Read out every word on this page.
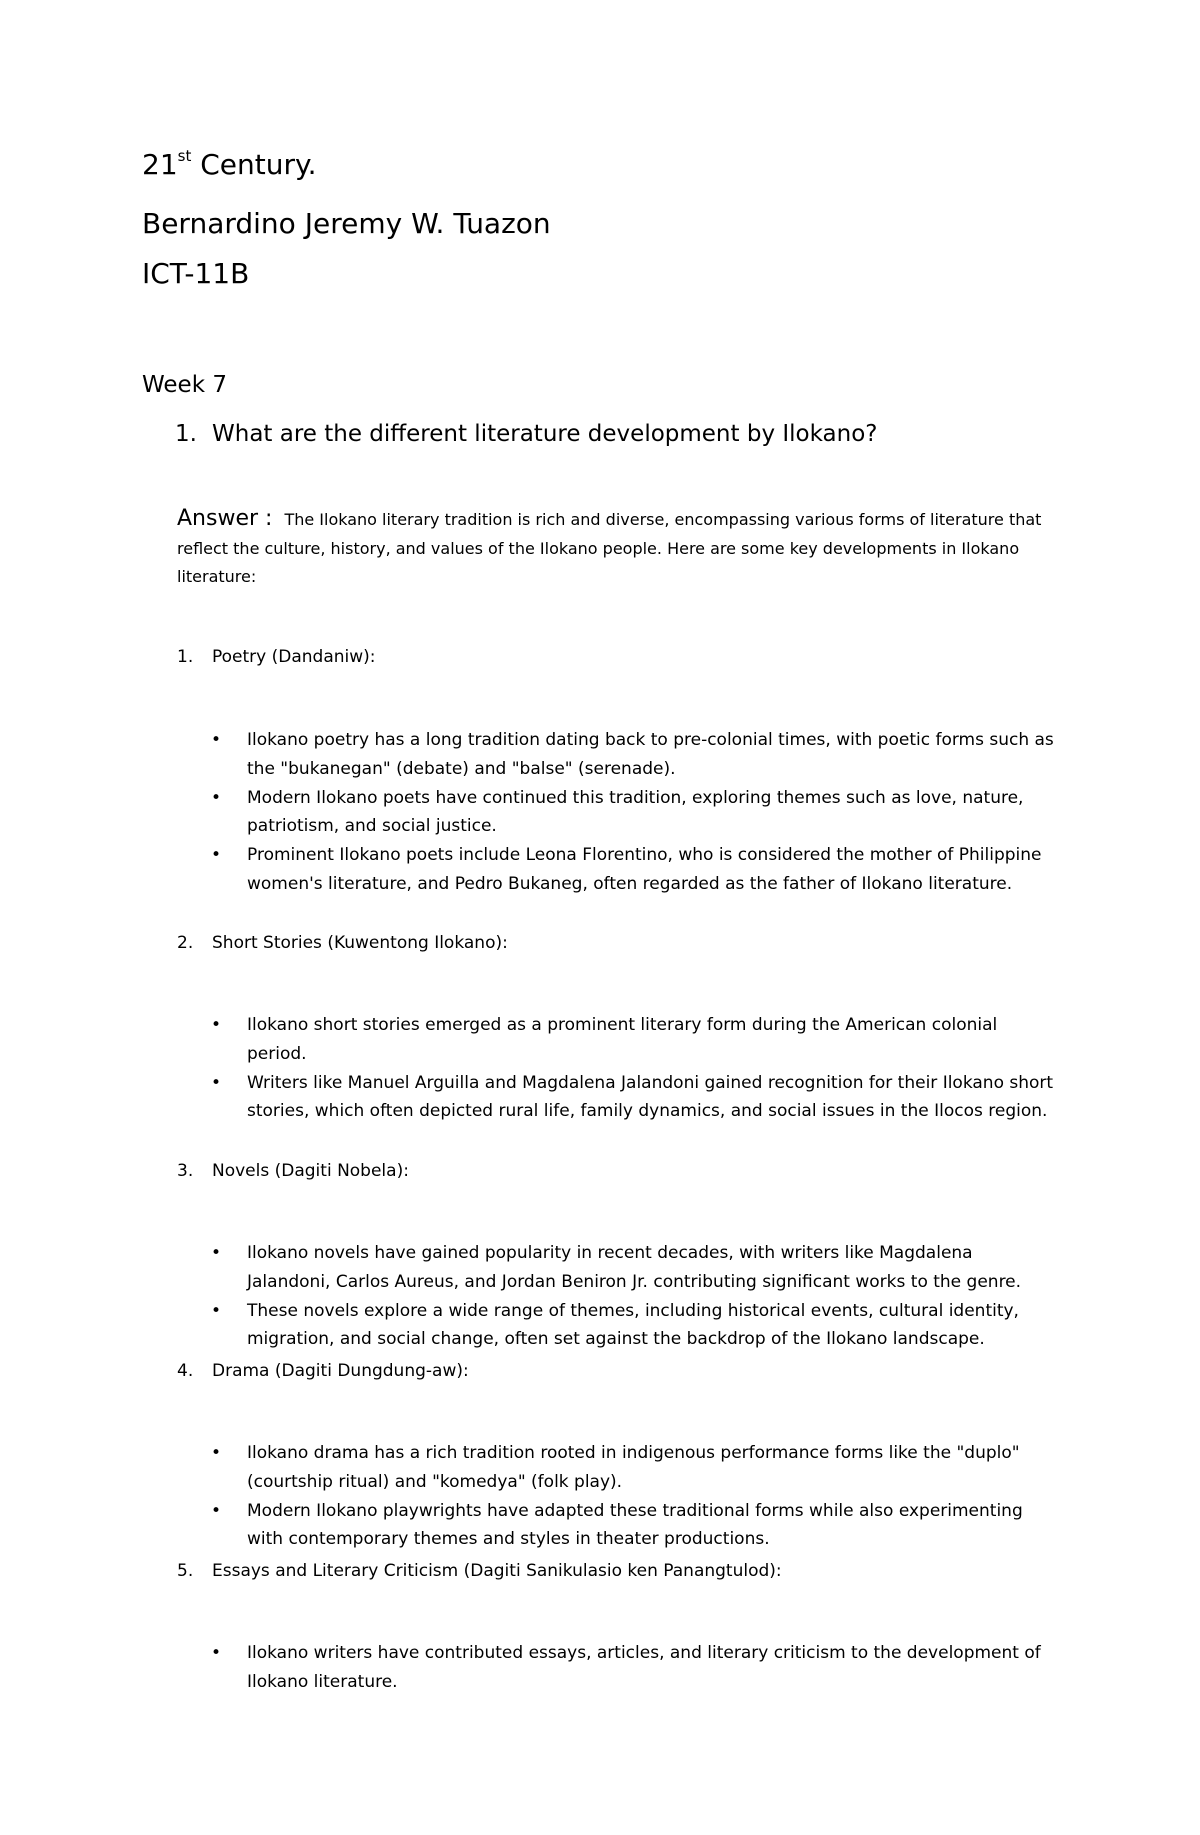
21st Century.
Bernardino Jeremy W. Tuazon
ICT-11B
Week 7
1. What are the different literature development by Ilokano?
Answer : The Ilokano literary tradition is rich and diverse, encompassing various forms of literature that reflect the culture, history, and values of the Ilokano people. Here are some key developments in Ilokano literature:
1. Poetry (Dandaniw):
• Ilokano poetry has a long tradition dating back to pre-colonial times, with poetic forms such as the "bukanegan" (debate) and "balse" (serenade).
• Modern Ilokano poets have continued this tradition, exploring themes such as love, nature, patriotism, and social justice.
• Prominent Ilokano poets include Leona Florentino, who is considered the mother of Philippine women's literature, and Pedro Bukaneg, often regarded as the father of Ilokano literature.
2. Short Stories (Kuwentong Ilokano):
• Ilokano short stories emerged as a prominent literary form during the American colonial period.
• Writers like Manuel Arguilla and Magdalena Jalandoni gained recognition for their Ilokano short stories, which often depicted rural life, family dynamics, and social issues in the Ilocos region.
3. Novels (Dagiti Nobela):
• Ilokano novels have gained popularity in recent decades, with writers like Magdalena Jalandoni, Carlos Aureus, and Jordan Beniron Jr. contributing significant works to the genre.
• These novels explore a wide range of themes, including historical events, cultural identity, migration, and social change, often set against the backdrop of the Ilokano landscape.
4. Drama (Dagiti Dungdung-aw):
• Ilokano drama has a rich tradition rooted in indigenous performance forms like the "duplo" (courtship ritual) and "komedya" (folk play).
• Modern Ilokano playwrights have adapted these traditional forms while also experimenting with contemporary themes and styles in theater productions.
5. Essays and Literary Criticism (Dagiti Sanikulasio ken Panangtulod):
• Ilokano writers have contributed essays, articles, and literary criticism to the development of Ilokano literature.
